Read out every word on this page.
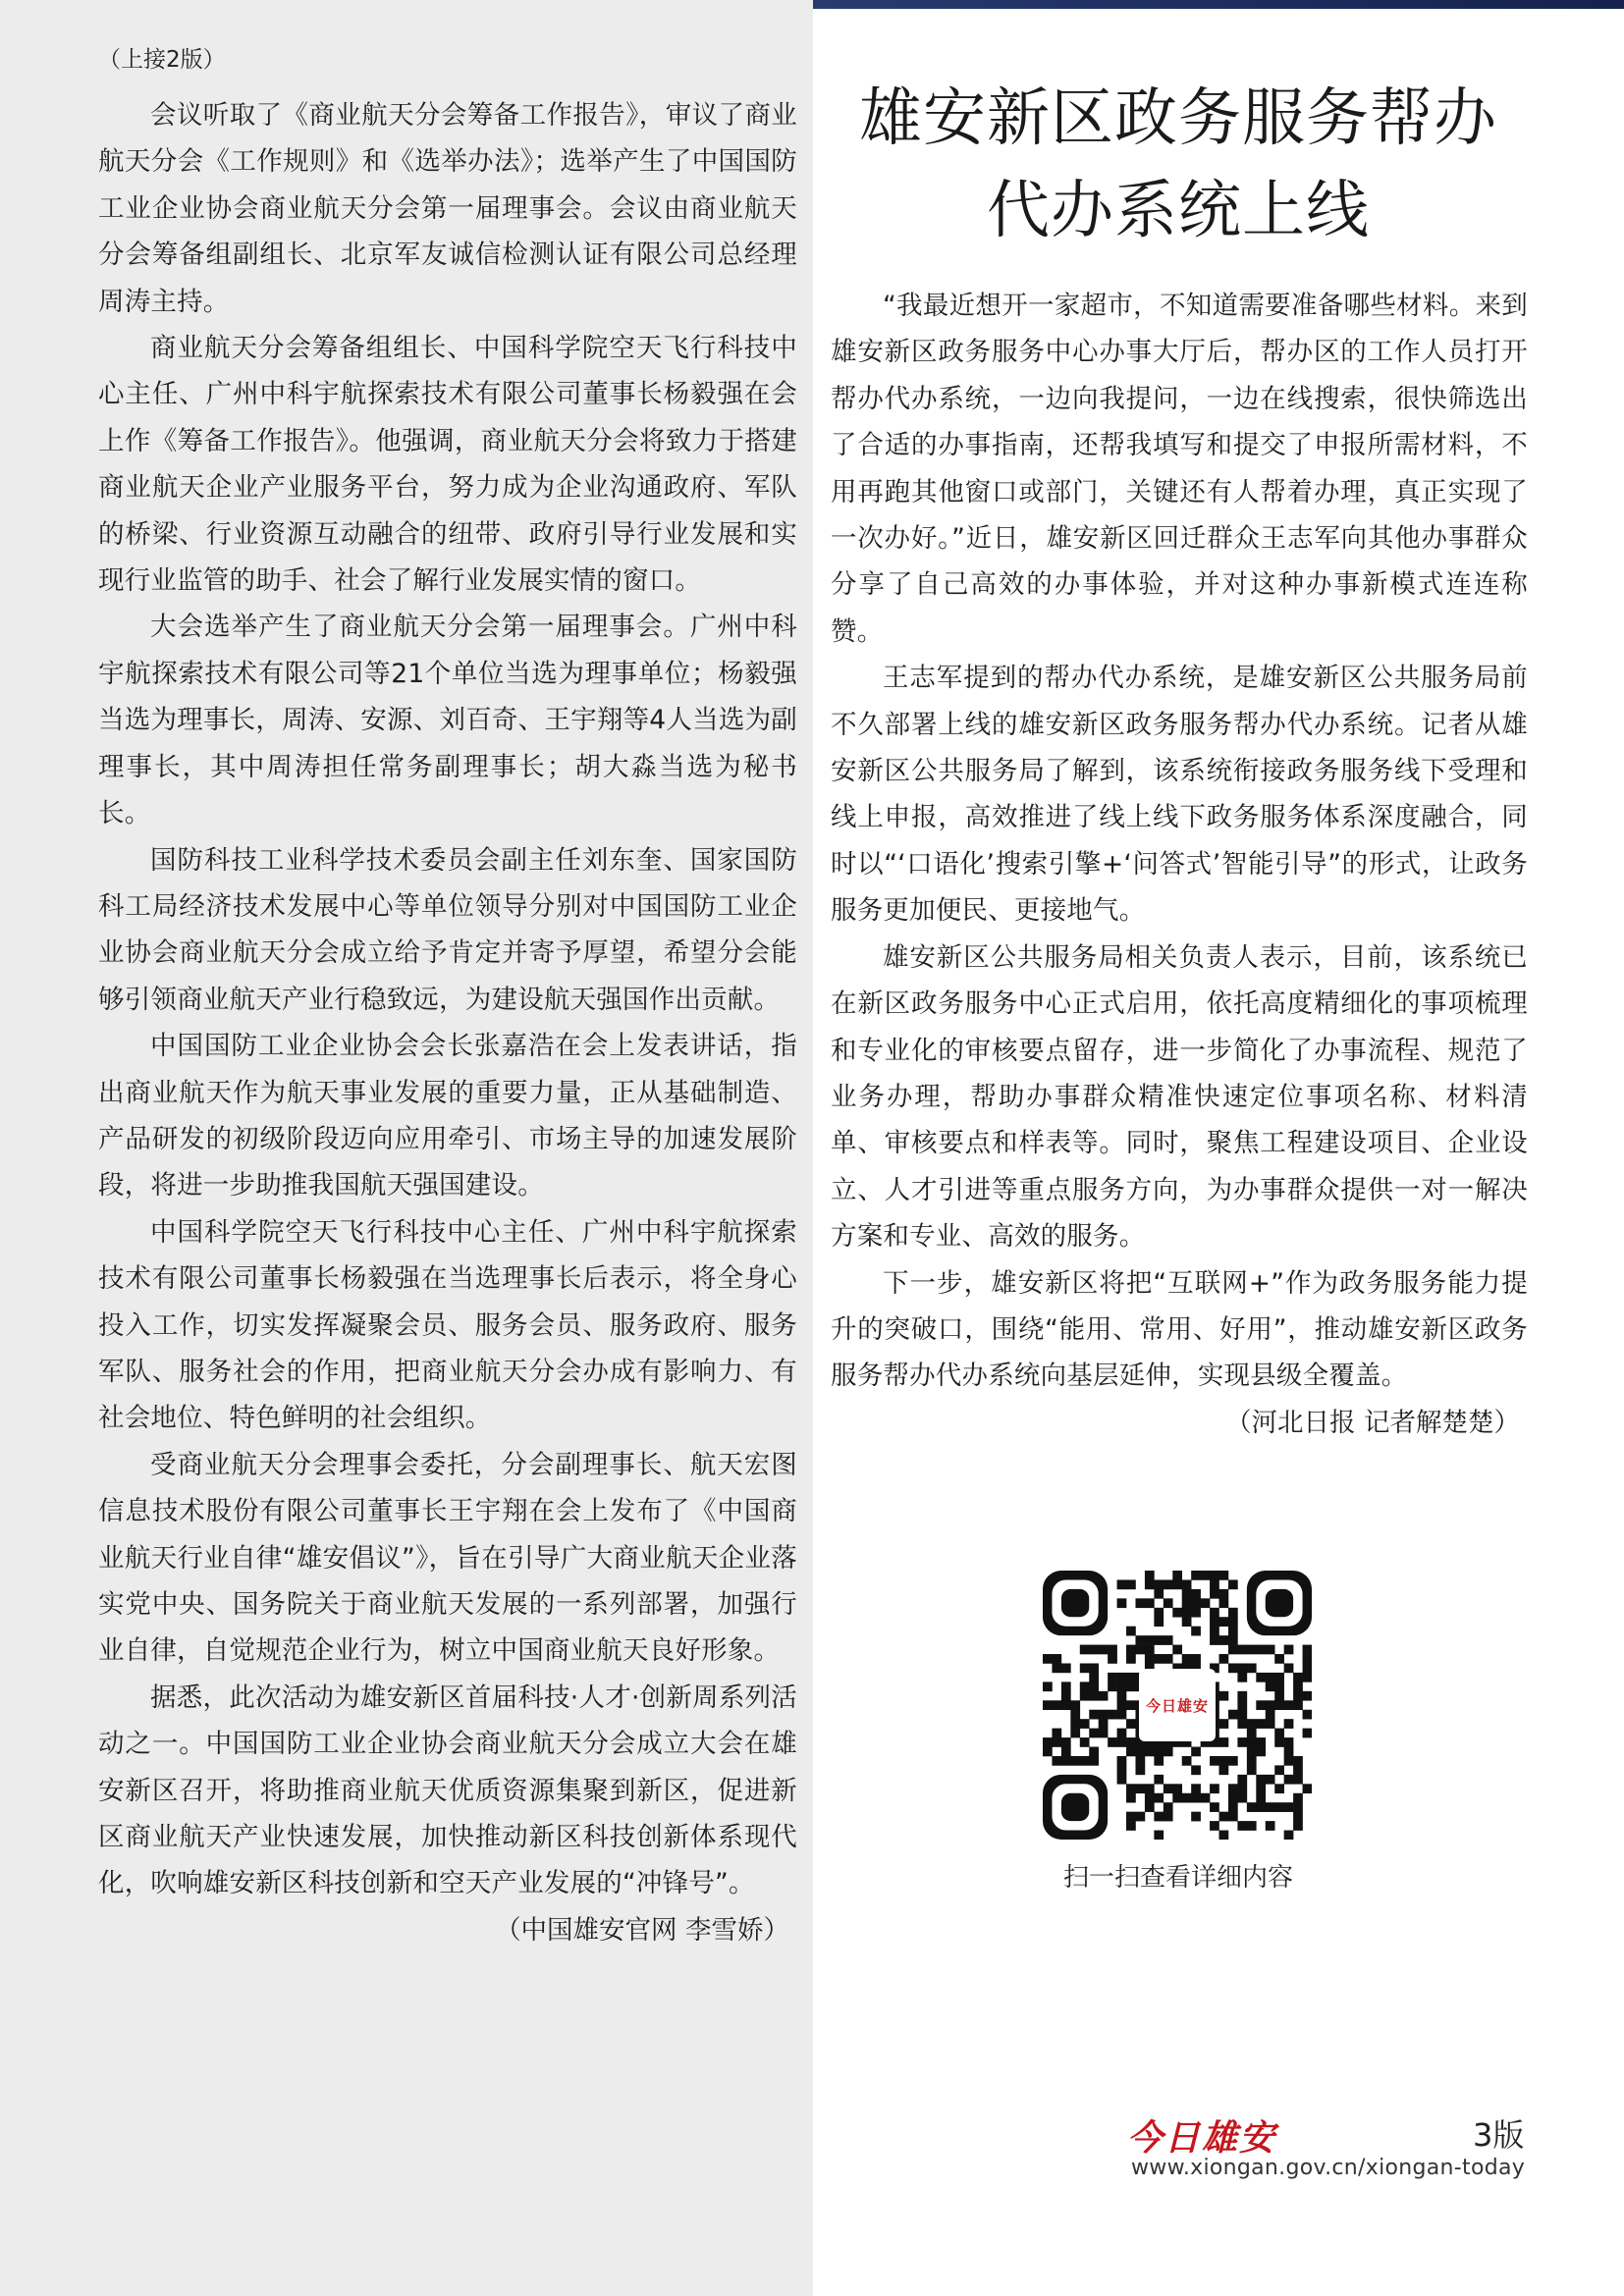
（上接2版）

会议听取了《商业航天分会筹备工作报告》，审议了商业航天分会《工作规则》和《选举办法》；选举产生了中国国防工业企业协会商业航天分会第一届理事会。会议由商业航天分会筹备组副组长、北京军友诚信检测认证有限公司总经理周涛主持。

商业航天分会筹备组组长、中国科学院空天飞行科技中心主任、广州中科宇航探索技术有限公司董事长杨毅强在会上作《筹备工作报告》。他强调，商业航天分会将致力于搭建商业航天企业产业服务平台，努力成为企业沟通政府、军队的桥梁、行业资源互动融合的纽带、政府引导行业发展和实现行业监管的助手、社会了解行业发展实情的窗口。

大会选举产生了商业航天分会第一届理事会。广州中科宇航探索技术有限公司等21个单位当选为理事单位；杨毅强当选为理事长，周涛、安源、刘百奇、王宇翔等4人当选为副理事长，其中周涛担任常务副理事长；胡大淼当选为秘书长。

国防科技工业科学技术委员会副主任刘东奎、国家国防科工局经济技术发展中心等单位领导分别对中国国防工业企业协会商业航天分会成立给予肯定并寄予厚望，希望分会能够引领商业航天产业行稳致远，为建设航天强国作出贡献。

中国国防工业企业协会会长张嘉浩在会上发表讲话，指出商业航天作为航天事业发展的重要力量，正从基础制造、产品研发的初级阶段迈向应用牵引、市场主导的加速发展阶段，将进一步助推我国航天强国建设。

中国科学院空天飞行科技中心主任、广州中科宇航探索技术有限公司董事长杨毅强在当选理事长后表示，将全身心投入工作，切实发挥凝聚会员、服务会员、服务政府、服务军队、服务社会的作用，把商业航天分会办成有影响力、有社会地位、特色鲜明的社会组织。

受商业航天分会理事会委托，分会副理事长、航天宏图信息技术股份有限公司董事长王宇翔在会上发布了《中国商业航天行业自律“雄安倡议”》，旨在引导广大商业航天企业落实党中央、国务院关于商业航天发展的一系列部署，加强行业自律，自觉规范企业行为，树立中国商业航天良好形象。

据悉，此次活动为雄安新区首届科技·人才·创新周系列活动之一。中国国防工业企业协会商业航天分会成立大会在雄安新区召开，将助推商业航天优质资源集聚到新区，促进新区商业航天产业快速发展，加快推动新区科技创新体系现代化，吹响雄安新区科技创新和空天产业发展的“冲锋号”。

（中国雄安官网 李雪娇）

雄安新区政务服务帮办
代办系统上线

“我最近想开一家超市，不知道需要准备哪些材料。来到雄安新区政务服务中心办事大厅后，帮办区的工作人员打开帮办代办系统，一边向我提问，一边在线搜索，很快筛选出了合适的办事指南，还帮我填写和提交了申报所需材料，不用再跑其他窗口或部门，关键还有人帮着办理，真正实现了一次办好。”近日，雄安新区回迁群众王志军向其他办事群众分享了自己高效的办事体验，并对这种办事新模式连连称赞。

王志军提到的帮办代办系统，是雄安新区公共服务局前不久部署上线的雄安新区政务服务帮办代办系统。记者从雄安新区公共服务局了解到，该系统衔接政务服务线下受理和线上申报，高效推进了线上线下政务服务体系深度融合，同时以“‘口语化’搜索引擎+‘问答式’智能引导”的形式，让政务服务更加便民、更接地气。

雄安新区公共服务局相关负责人表示，目前，该系统已在新区政务服务中心正式启用，依托高度精细化的事项梳理和专业化的审核要点留存，进一步简化了办事流程、规范了业务办理，帮助办事群众精准快速定位事项名称、材料清单、审核要点和样表等。同时，聚焦工程建设项目、企业设立、人才引进等重点服务方向，为办事群众提供一对一解决方案和专业、高效的服务。

下一步，雄安新区将把“互联网+”作为政务服务能力提升的突破口，围绕“能用、常用、好用”，推动雄安新区政务服务帮办代办系统向基层延伸，实现县级全覆盖。

（河北日报 记者解楚楚）

今日雄安
扫一扫查看详细内容
今日雄安	3版
www.xiongan.gov.cn/xiongan-today
